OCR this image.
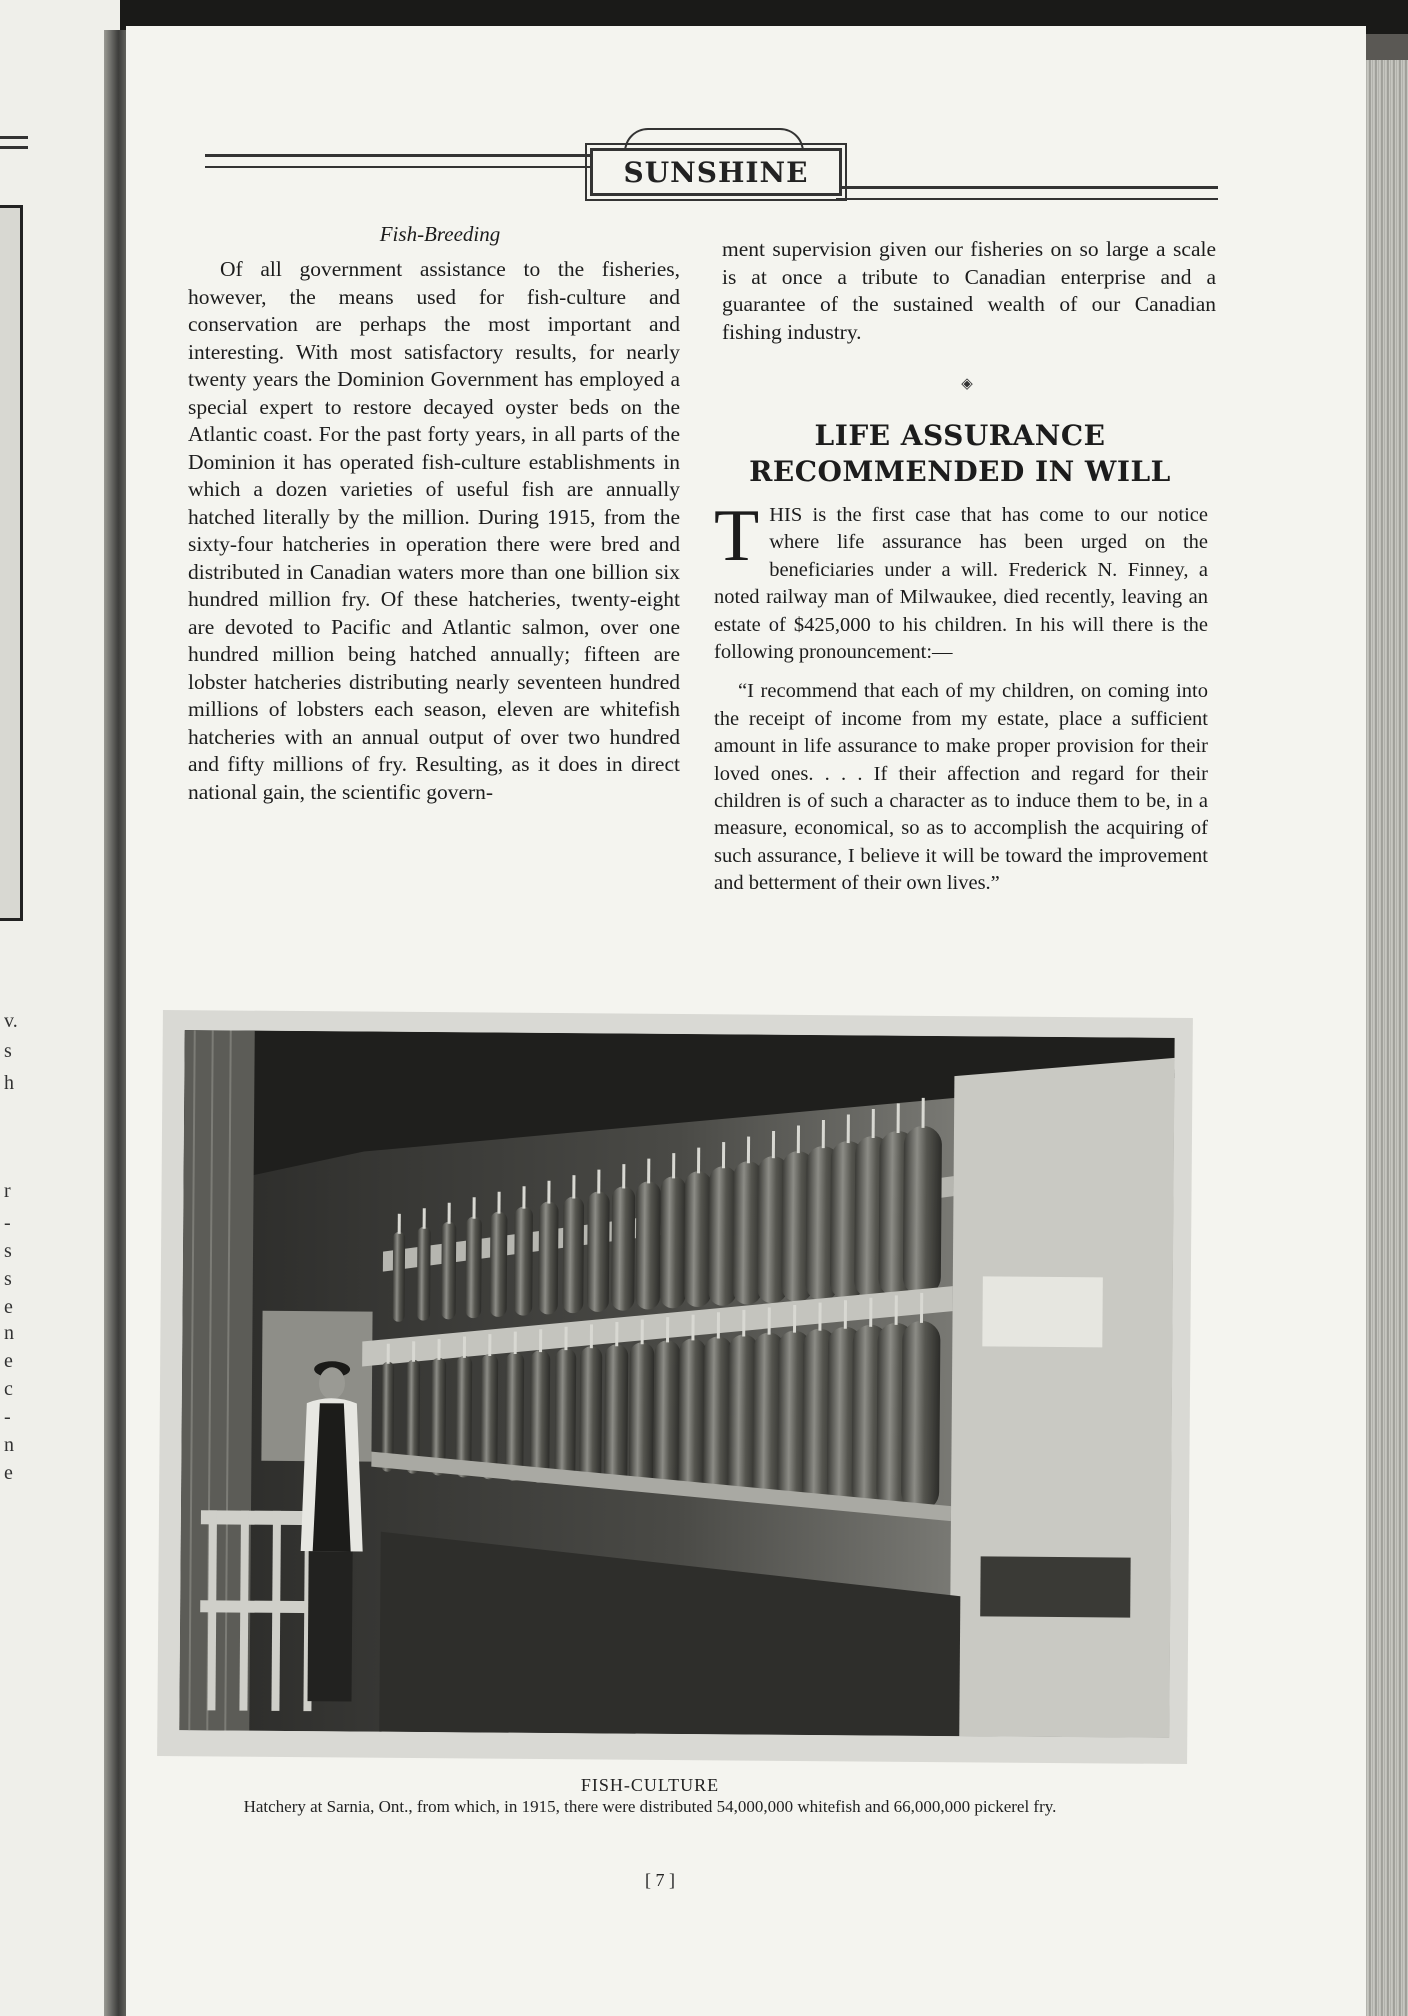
v.
s
h
r
-
s
s
e
n
e
c
-
n
e
SUNSHINE
Fish-Breeding

Of all government assistance to the fisheries, however, the means used for fish-culture and conservation are perhaps the most important and interesting. With most satisfactory results, for nearly twenty years the Dominion Government has employed a special expert to restore decayed oyster beds on the Atlantic coast. For the past forty years, in all parts of the Dominion it has operated fish-culture establishments in which a dozen varieties of useful fish are annually hatched literally by the million. During 1915, from the sixty-four hatcheries in operation there were bred and distributed in Canadian waters more than one billion six hundred million fry. Of these hatcheries, twenty-eight are devoted to Pacific and Atlantic salmon, over one hundred million being hatched annually; fifteen are lobster hatcheries distributing nearly seventeen hundred millions of lobsters each season, eleven are whitefish hatcheries with an annual output of over two hundred and fifty millions of fry. Resulting, as it does in direct national gain, the scientific govern-

ment supervision given our fisheries on so large a scale is at once a tribute to Canadian enterprise and a guarantee of the sustained wealth of our Canadian fishing industry.

◈
LIFE ASSURANCE RECOMMENDED IN WILL

THIS is the first case that has come to our notice where life assurance has been urged on the beneficiaries under a will. Frederick N. Finney, a noted railway man of Milwaukee, died recently, leaving an estate of $425,000 to his children. In his will there is the following pronouncement:—

“I recommend that each of my children, on coming into the receipt of income from my estate, place a sufficient amount in life assurance to make proper provision for their loved ones. . . . If their affection and regard for their children is of such a character as to induce them to be, in a measure, economical, so as to accomplish the acquiring of such assurance, I believe it will be toward the improvement and betterment of their own lives.”

FISH-CULTURE
Hatchery at Sarnia, Ont., from which, in 1915, there were distributed 54,000,000 whitefish and 66,000,000 pickerel fry.
[ 7 ]
